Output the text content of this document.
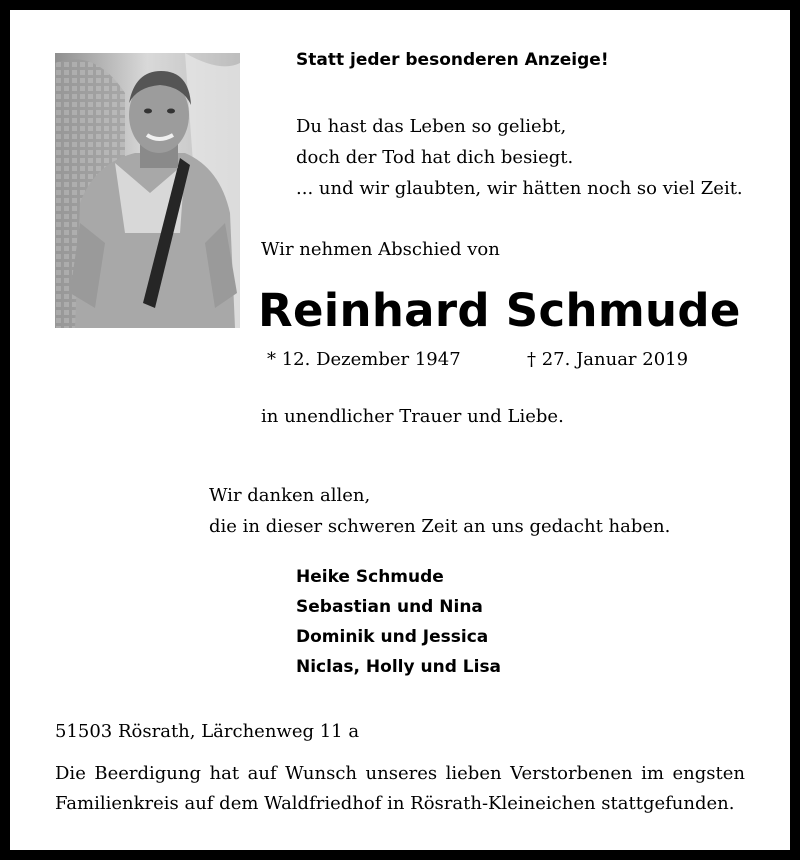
Statt jeder besonderen Anzeige!
Du hast das Leben so geliebt,
doch der Tod hat dich besiegt.
... und wir glaubten, wir hätten noch so viel Zeit.
Wir nehmen Abschied von
Reinhard Schmude
* 12. Dezember 1947	† 27. Januar 2019
in unendlicher Trauer und Liebe.
Wir danken allen,
die in dieser schweren Zeit an uns gedacht haben.
Heike Schmude
Sebastian und Nina
Dominik und Jessica
Niclas, Holly und Lisa
51503 Rösrath, Lärchenweg 11 a
Die Beerdigung hat auf Wunsch unseres lieben Verstorbenen im engsten
Familienkreis auf dem Waldfriedhof in Rösrath-Kleineichen stattgefunden.
